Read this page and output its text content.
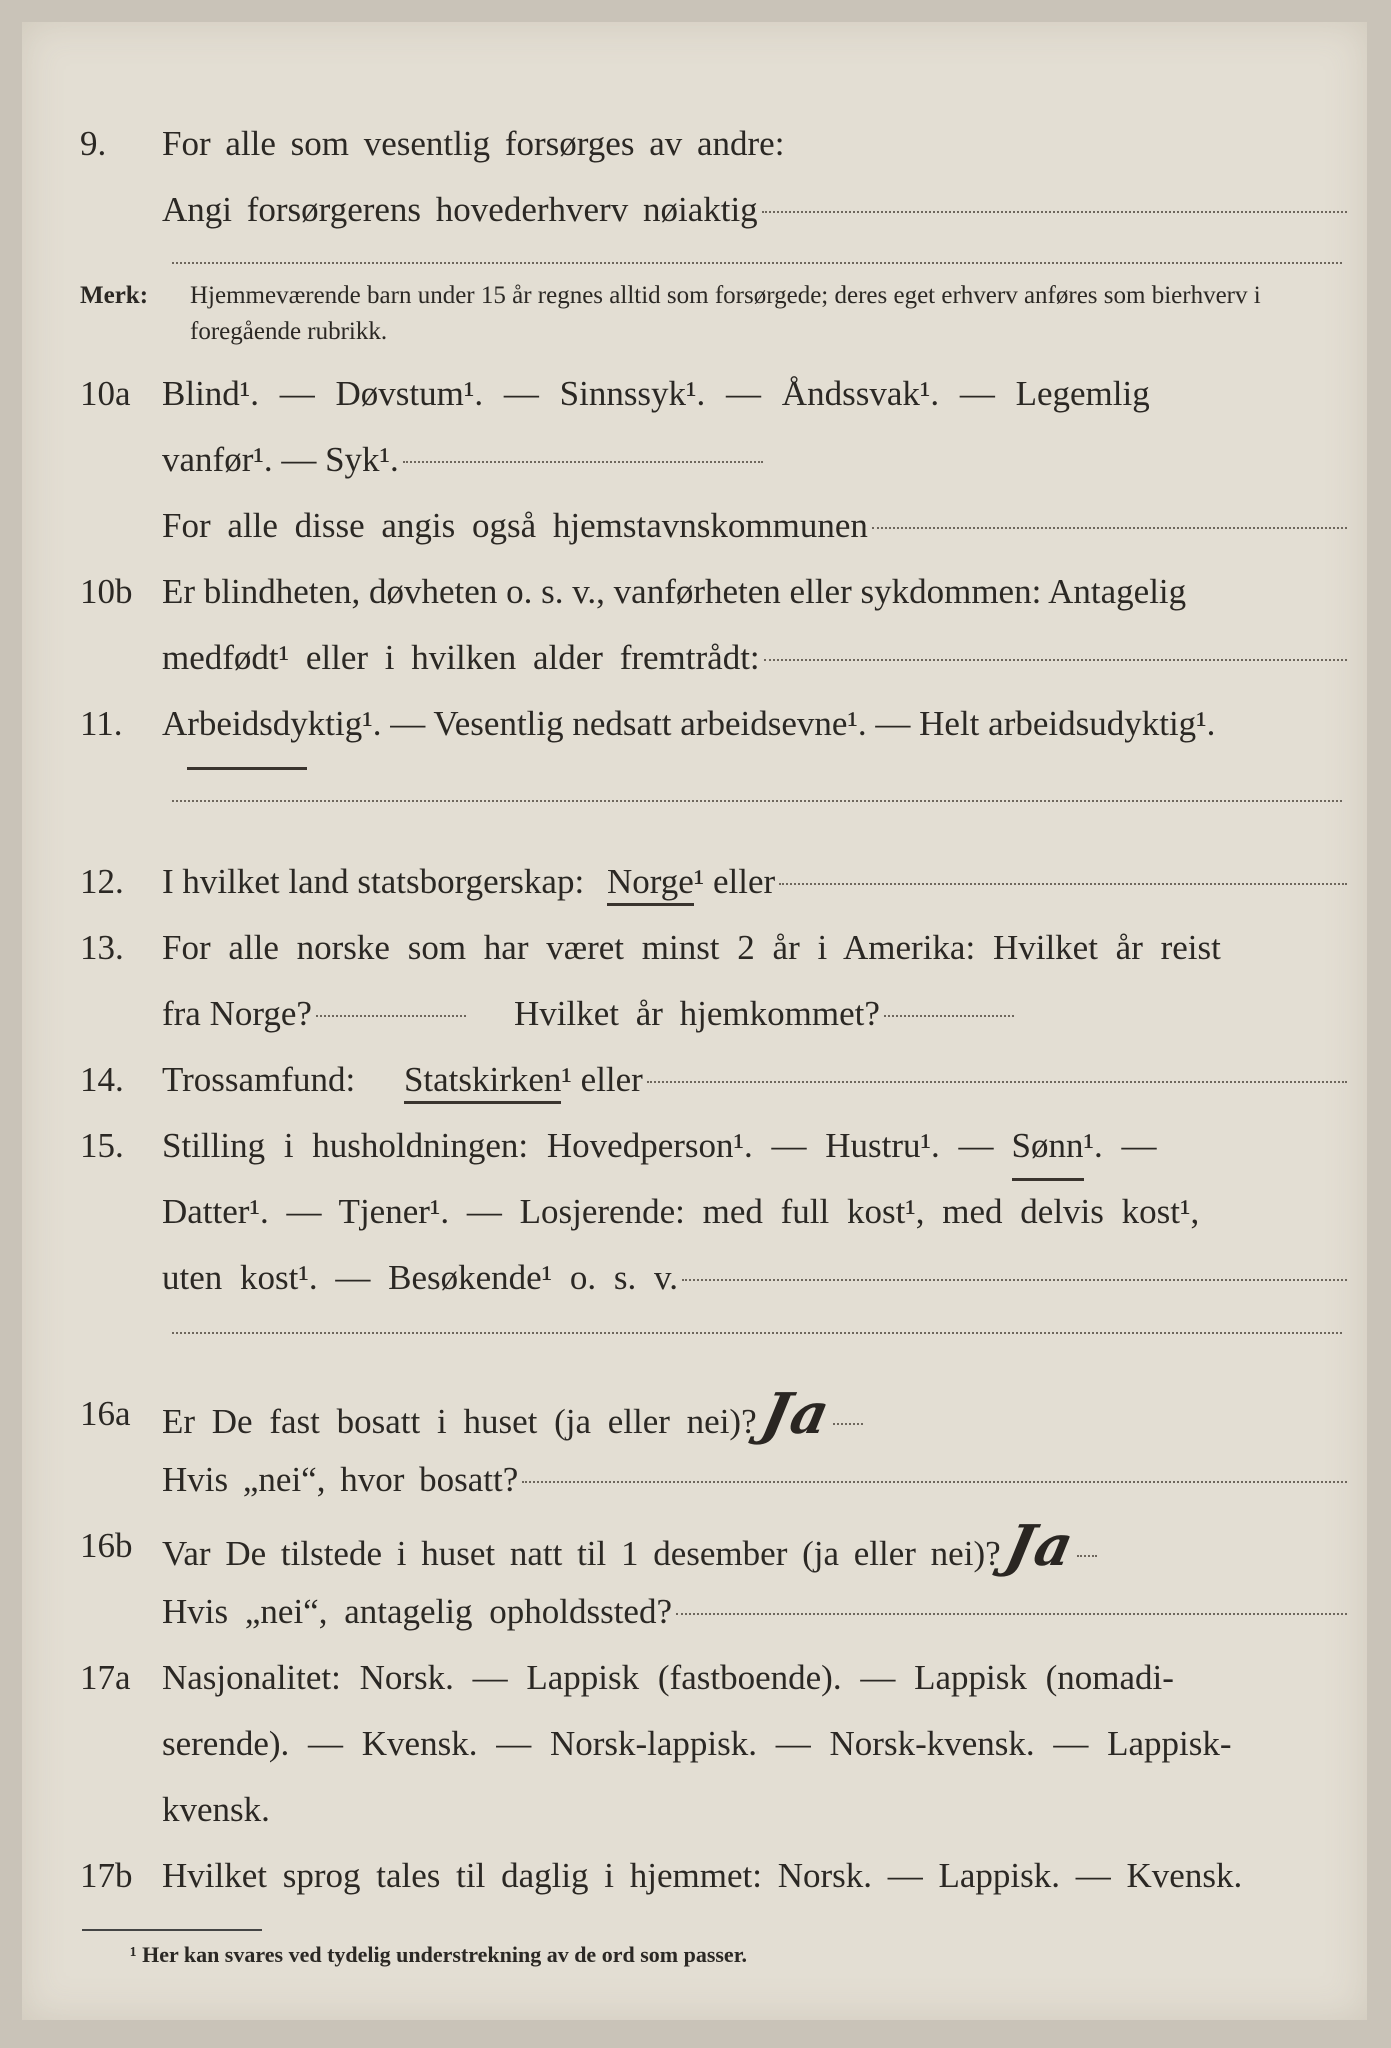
9. For alle som vesentlig forsørges av andre:
Angi forsørgerens hovederhverv nøiaktig
Merk: Hjemmeværende barn under 15 år regnes alltid som forsørgede; deres eget erhverv anføres som bierhverv i foregående rubrikk.
10a Blind¹. — Døvstum¹. — Sinnssyk¹. — Åndssvak¹. — Legemlig
vanfør¹. — Syk¹.
For alle disse angis også hjemstavnskommunen
10b Er blindheten, døvheten o. s. v., vanførheten eller sykdommen: Antagelig
medfødt¹ eller i hvilken alder fremtrådt:
11. Arbeidsdyktig¹. — Vesentlig nedsatt arbeidsevne¹. — Helt arbeidsudyktig¹.
12. I hvilket land statsborgerskap: Norge¹ eller
13. For alle norske som har været minst 2 år i Amerika: Hvilket år reist
fra Norge?	Hvilket år hjemkommet?
14. Trossamfund: Statskirken¹ eller
15. Stilling i husholdningen: Hovedperson¹. — Hustru¹. — Sønn ¹. —
Datter¹. — Tjener¹. — Losjerende: med full kost¹, med delvis kost¹,
uten kost¹. — Besøkende¹ o. s. v.
16a Er De fast bosatt i huset (ja eller nei)?
Ja
Hvis „nei“, hvor bosatt?
16b Var De tilstede i huset natt til 1 desember (ja eller nei)?
Ja
Hvis „nei“, antagelig opholdssted?
17a Nasjonalitet: Norsk. — Lappisk (fastboende). — Lappisk (nomadi-
serende). — Kvensk. — Norsk-lappisk. — Norsk-kvensk. — Lappisk-
kvensk.
17b Hvilket sprog tales til daglig i hjemmet: Norsk. — Lappisk. — Kvensk.
¹ Her kan svares ved tydelig understrekning av de ord som passer.
